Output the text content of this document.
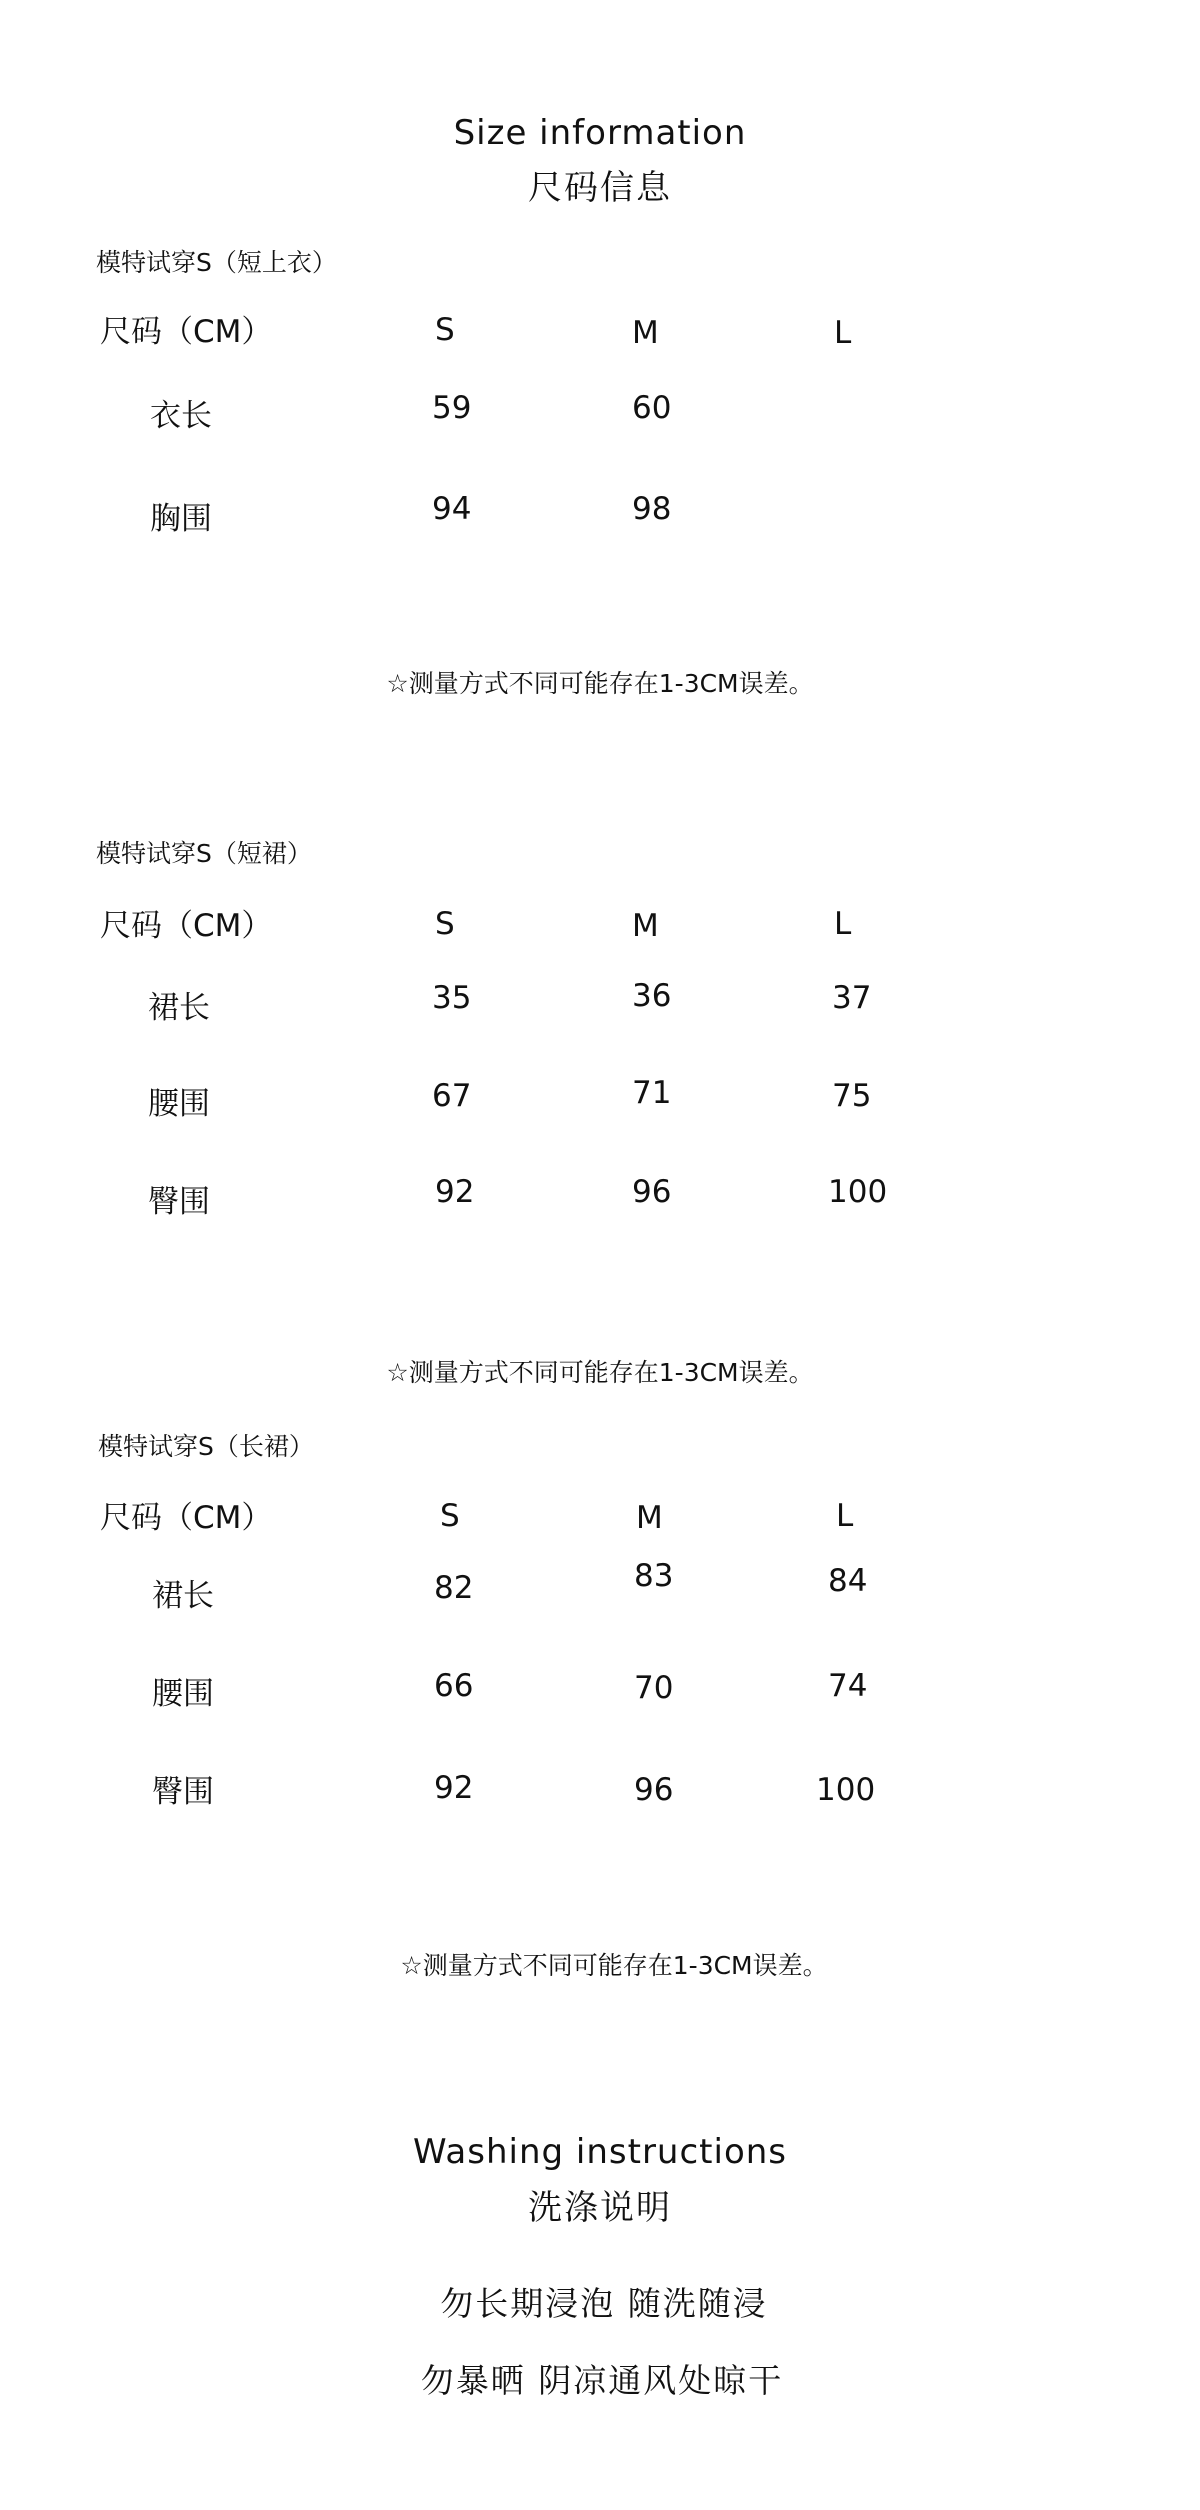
Size information
尺码信息
模特试穿S（短上衣）
尺码（CM）	S	M	L
衣长	59	60
胸围	94	98
☆测量方式不同可能存在1-3CM误差。
模特试穿S（短裙）
尺码（CM）	S	M	L
裙长	35	36	37
腰围	67	71	75
臀围	92	96	100
☆测量方式不同可能存在1-3CM误差。
模特试穿S（长裙）
尺码（CM）	S	M	L
裙长	82	83	84
腰围	66	70	74
臀围	92	96	100
☆测量方式不同可能存在1-3CM误差。
Washing instructions
洗涤说明
勿长期浸泡 随洗随浸
勿暴晒 阴凉通风处晾干
